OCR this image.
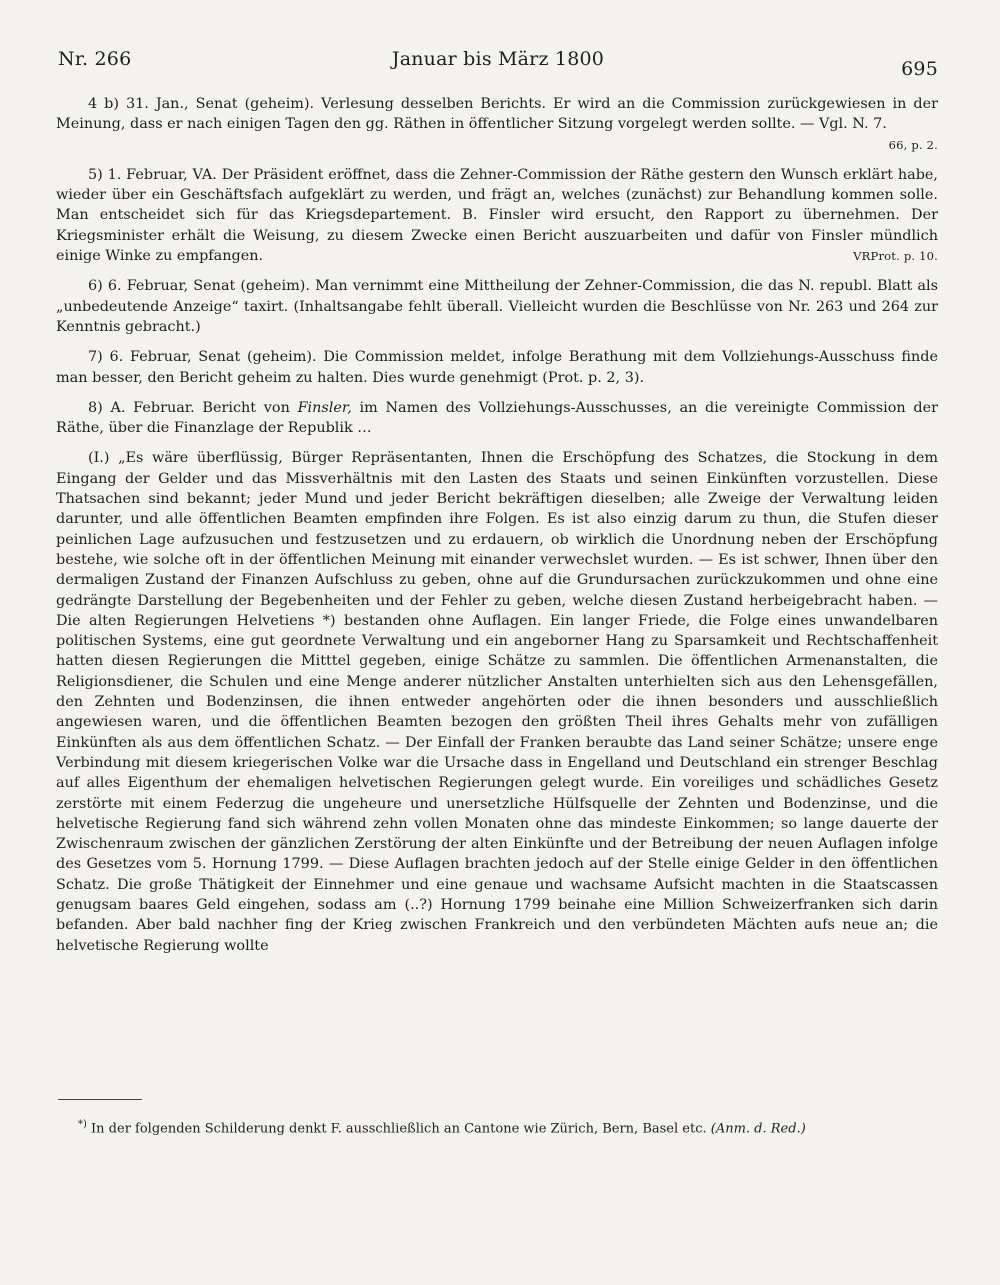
Nr. 266	Januar bis März 1800	695

4 b) 31. Jan., Senat (geheim). Verlesung desselben Berichts. Er wird an die Commission zurückgewiesen in der Meinung, dass er nach einigen Tagen den gg. Räthen in öffentlicher Sitzung vorgelegt werden sollte. — Vgl. N. 7.
66, p. 2.

5) 1. Februar, VA. Der Präsident eröffnet, dass die Zehner-Commission der Räthe gestern den Wunsch erklärt habe, wieder über ein Geschäftsfach aufgeklärt zu werden, und frägt an, welches (zunächst) zur Behandlung kommen solle. Man entscheidet sich für das Kriegsdepartement. B. Finsler wird ersucht, den Rapport zu übernehmen. Der Kriegsminister erhält die Weisung, zu diesem Zwecke einen Bericht auszuarbeiten und dafür von Finsler mündlich einige Winke zu empfangen.	VRProt. p. 10.

6) 6. Februar, Senat (geheim). Man vernimmt eine Mittheilung der Zehner-Commission, die das N. republ. Blatt als „unbedeutende Anzeige“ taxirt. (Inhaltsangabe fehlt überall. Vielleicht wurden die Beschlüsse von Nr. 263 und 264 zur Kenntnis gebracht.)

7) 6. Februar, Senat (geheim). Die Commission meldet, infolge Berathung mit dem Vollziehungs-Ausschuss finde man besser, den Bericht geheim zu halten. Dies wurde genehmigt (Prot. p. 2, 3).

8) A. Februar. Bericht von Finsler, im Namen des Vollziehungs-Ausschusses, an die vereinigte Commission der Räthe, über die Finanzlage der Republik …

(I.) „Es wäre überflüssig, Bürger Repräsentanten, Ihnen die Erschöpfung des Schatzes, die Stockung in dem Eingang der Gelder und das Missverhältnis mit den Lasten des Staats und seinen Einkünften vorzustellen. Diese Thatsachen sind bekannt; jeder Mund und jeder Bericht bekräftigen dieselben; alle Zweige der Verwaltung leiden darunter, und alle öffentlichen Beamten empfinden ihre Folgen. Es ist also einzig darum zu thun, die Stufen dieser peinlichen Lage aufzusuchen und festzusetzen und zu erdauern, ob wirklich die Unordnung neben der Erschöpfung bestehe, wie solche oft in der öffentlichen Meinung mit einander verwechslet wurden. — Es ist schwer, Ihnen über den dermaligen Zustand der Finanzen Aufschluss zu geben, ohne auf die Grundursachen zurückzukommen und ohne eine gedrängte Darstellung der Begebenheiten und der Fehler zu geben, welche diesen Zustand herbeigebracht haben. — Die alten Regierungen Helvetiens *) bestanden ohne Auflagen. Ein langer Friede, die Folge eines unwandelbaren politischen Systems, eine gut geordnete Verwaltung und ein angeborner Hang zu Sparsamkeit und Rechtschaffenheit hatten diesen Regierungen die Mitttel gegeben, einige Schätze zu sammlen. Die öffentlichen Armenanstalten, die Religionsdiener, die Schulen und eine Menge anderer nützlicher Anstalten unterhielten sich aus den Lehensgefällen, den Zehnten und Bodenzinsen, die ihnen entweder angehörten oder die ihnen besonders und ausschließlich angewiesen waren, und die öffentlichen Beamten bezogen den größten Theil ihres Gehalts mehr von zufälligen Einkünften als aus dem öffentlichen Schatz. — Der Einfall der Franken beraubte das Land seiner Schätze; unsere enge Verbindung mit diesem kriegerischen Volke war die Ursache dass in Engelland und Deutschland ein strenger Beschlag auf alles Eigenthum der ehemaligen helvetischen Regierungen gelegt wurde. Ein voreiliges und schädliches Gesetz zerstörte mit einem Federzug die ungeheure und unersetzliche Hülfsquelle der Zehnten und Bodenzinse, und die helvetische Regierung fand sich während zehn vollen Monaten ohne das mindeste Einkommen; so lange dauerte der Zwischenraum zwischen der gänzlichen Zerstörung der alten Einkünfte und der Betreibung der neuen Auflagen infolge des Gesetzes vom 5. Hornung 1799. — Diese Auflagen brachten jedoch auf der Stelle einige Gelder in den öffentlichen Schatz. Die große Thätigkeit der Einnehmer und eine genaue und wachsame Aufsicht machten in die Staatscassen genugsam baares Geld eingehen, sodass am (..?) Hornung 1799 beinahe eine Million Schweizerfranken sich darin befanden. Aber bald nachher fing der Krieg zwischen Frankreich und den verbündeten Mächten aufs neue an; die helvetische Regierung wollte

*) In der folgenden Schilderung denkt F. ausschließlich an Cantone wie Zürich, Bern, Basel etc. (Anm. d. Red.)
